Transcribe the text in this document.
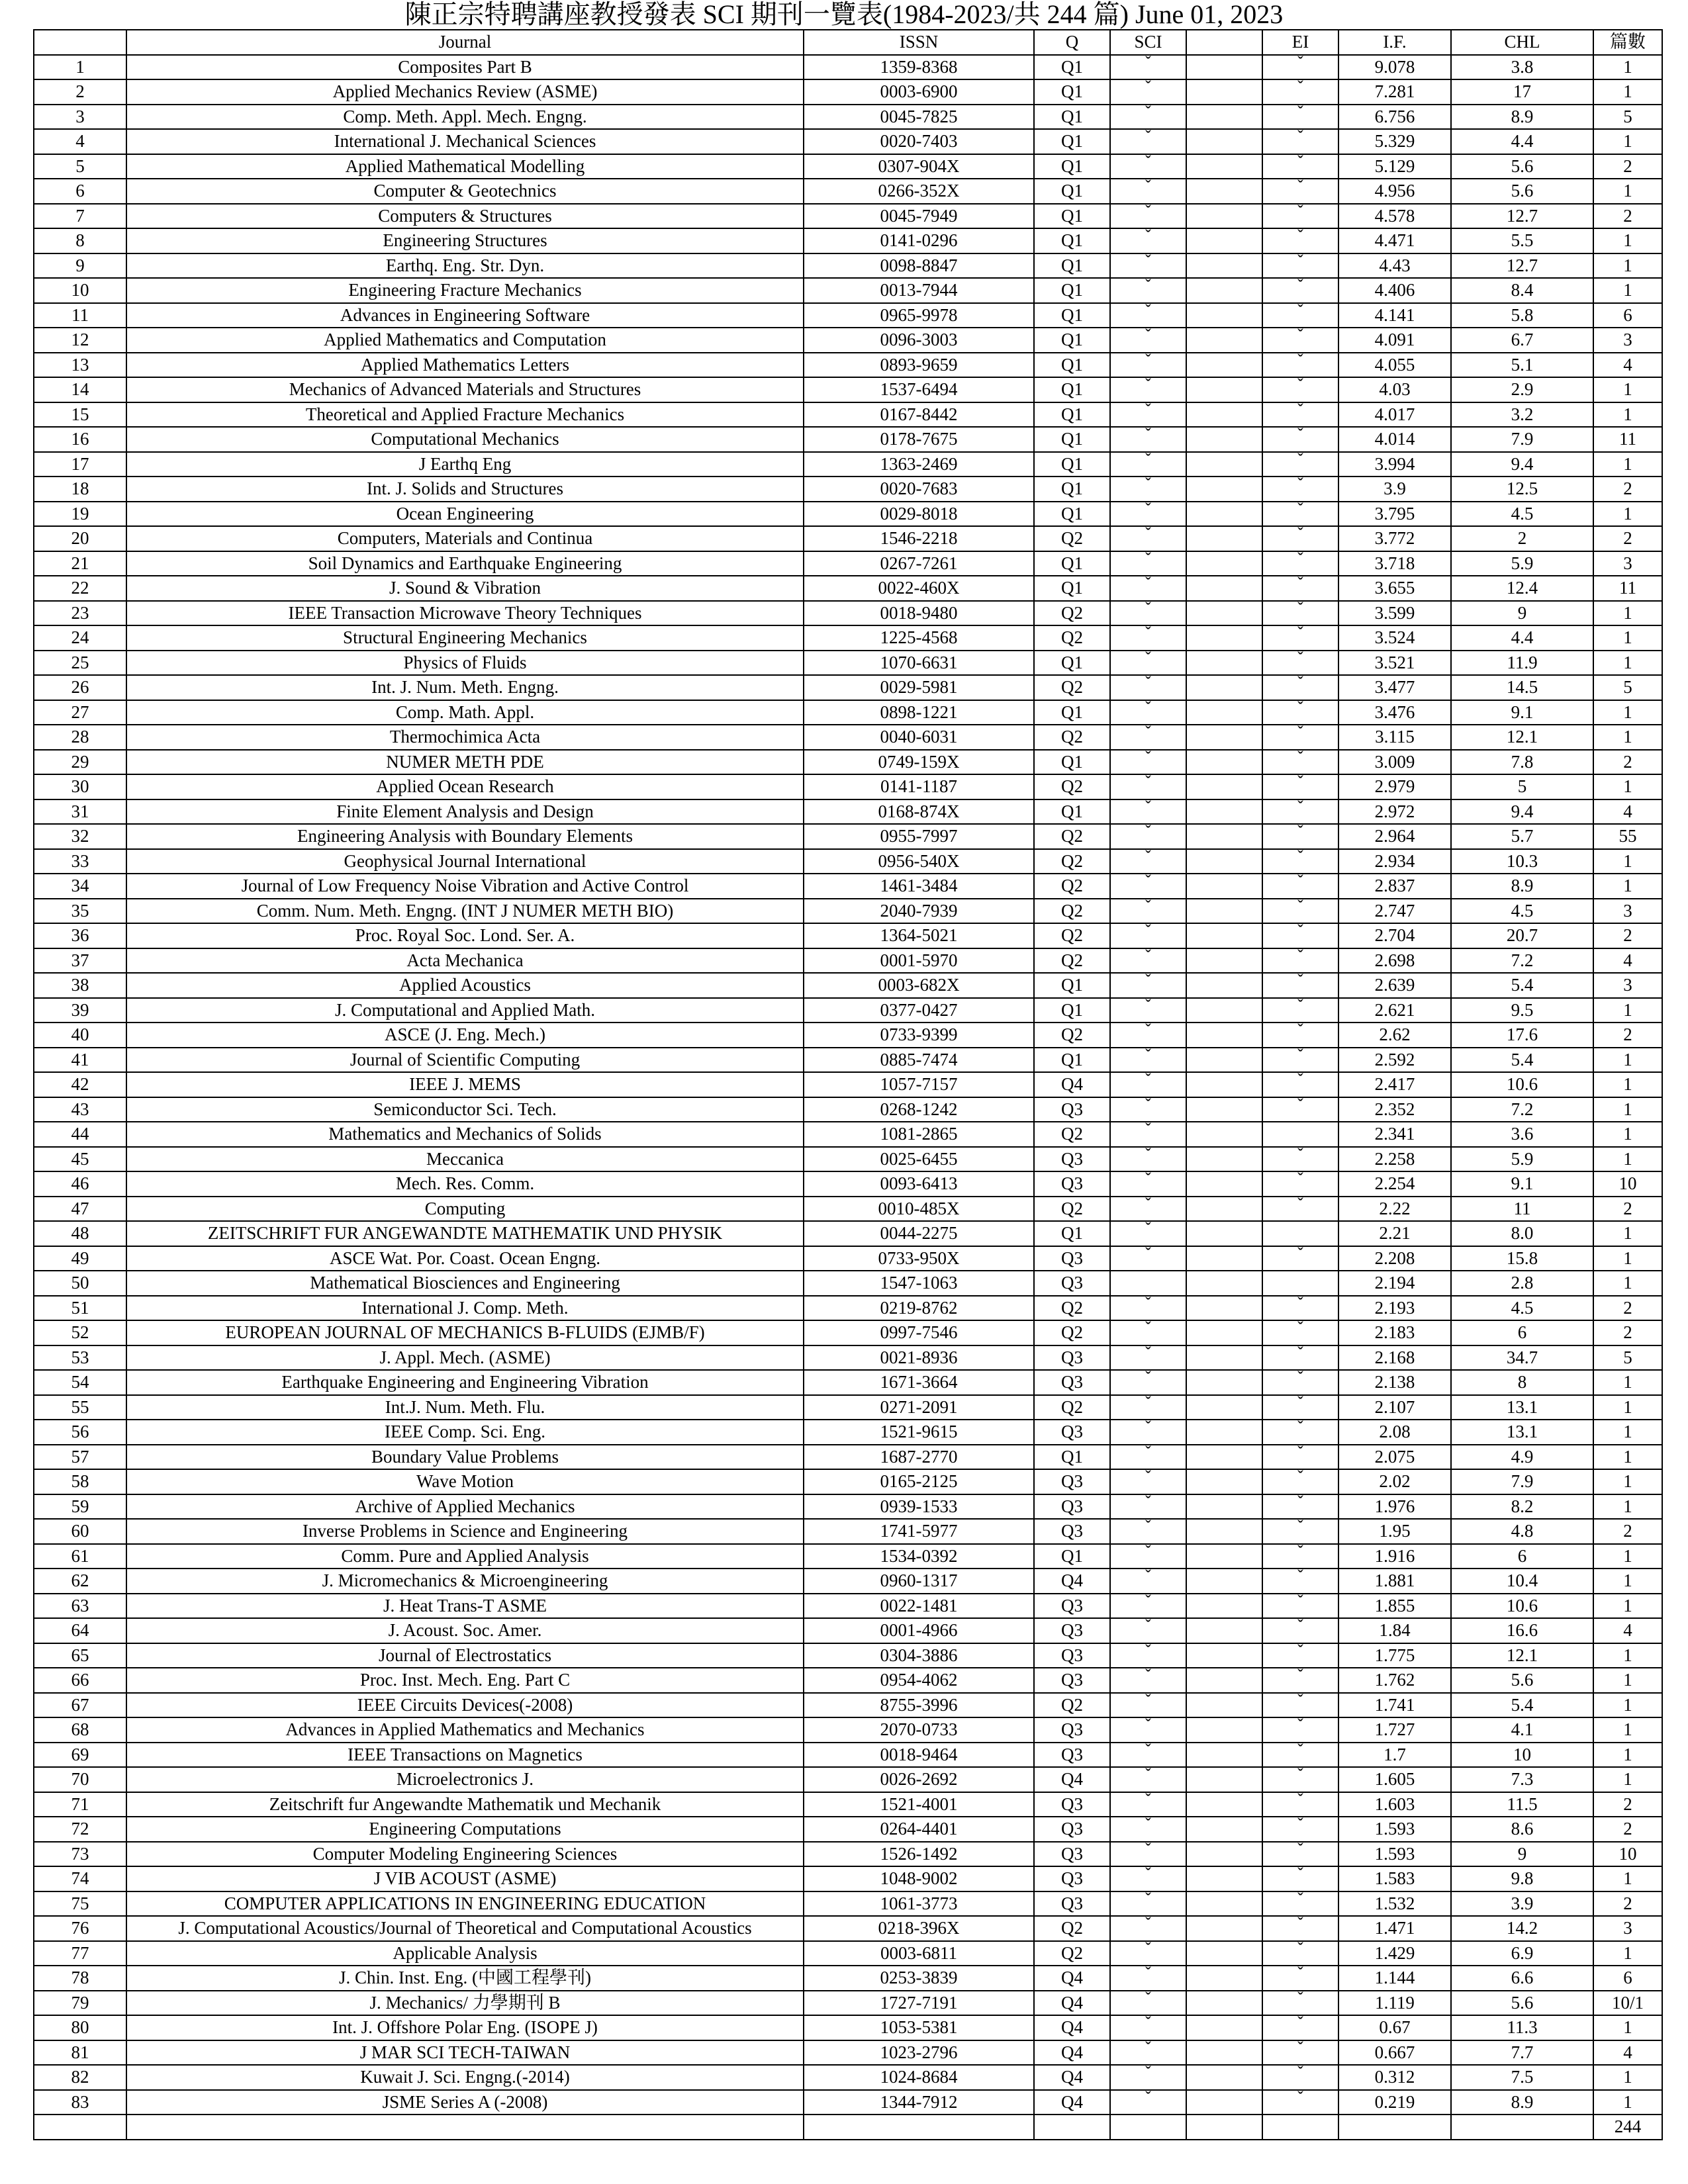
陳正宗特聘講座教授發表 SCI 期刊一覽表(1984-2023/共 244 篇) June 01, 2023
	Journal	ISSN	Q	SCI		EI	I.F.	CHL	篇數
1	Composites Part B	1359-8368	Q1	ˇ		ˇ	9.078	3.8	1
2	Applied Mechanics Review (ASME)	0003-6900	Q1	ˇ		ˇ	7.281	17	1
3	Comp. Meth. Appl. Mech. Engng.	0045-7825	Q1	ˇ		ˇ	6.756	8.9	5
4	International J. Mechanical Sciences	0020-7403	Q1	ˇ		ˇ	5.329	4.4	1
5	Applied Mathematical Modelling	0307-904X	Q1	ˇ		ˇ	5.129	5.6	2
6	Computer & Geotechnics	0266-352X	Q1	ˇ		ˇ	4.956	5.6	1
7	Computers & Structures	0045-7949	Q1	ˇ		ˇ	4.578	12.7	2
8	Engineering Structures	0141-0296	Q1	ˇ		ˇ	4.471	5.5	1
9	Earthq. Eng. Str. Dyn.	0098-8847	Q1	ˇ		ˇ	4.43	12.7	1
10	Engineering Fracture Mechanics	0013-7944	Q1	ˇ		ˇ	4.406	8.4	1
11	Advances in Engineering Software	0965-9978	Q1	ˇ		ˇ	4.141	5.8	6
12	Applied Mathematics and Computation	0096-3003	Q1	ˇ		ˇ	4.091	6.7	3
13	Applied Mathematics Letters	0893-9659	Q1	ˇ		ˇ	4.055	5.1	4
14	Mechanics of Advanced Materials and Structures	1537-6494	Q1	ˇ		ˇ	4.03	2.9	1
15	Theoretical and Applied Fracture Mechanics	0167-8442	Q1	ˇ		ˇ	4.017	3.2	1
16	Computational Mechanics	0178-7675	Q1	ˇ		ˇ	4.014	7.9	11
17	J Earthq Eng	1363-2469	Q1	ˇ		ˇ	3.994	9.4	1
18	Int. J. Solids and Structures	0020-7683	Q1	ˇ		ˇ	3.9	12.5	2
19	Ocean Engineering	0029-8018	Q1	ˇ		ˇ	3.795	4.5	1
20	Computers, Materials and Continua	1546-2218	Q2	ˇ		ˇ	3.772	2	2
21	Soil Dynamics and Earthquake Engineering	0267-7261	Q1	ˇ		ˇ	3.718	5.9	3
22	J. Sound & Vibration	0022-460X	Q1	ˇ		ˇ	3.655	12.4	11
23	IEEE Transaction Microwave Theory Techniques	0018-9480	Q2	ˇ		ˇ	3.599	9	1
24	Structural Engineering Mechanics	1225-4568	Q2	ˇ		ˇ	3.524	4.4	1
25	Physics of Fluids	1070-6631	Q1	ˇ		ˇ	3.521	11.9	1
26	Int. J. Num. Meth. Engng.	0029-5981	Q2	ˇ		ˇ	3.477	14.5	5
27	Comp. Math. Appl.	0898-1221	Q1	ˇ		ˇ	3.476	9.1	1
28	Thermochimica Acta	0040-6031	Q2	ˇ		ˇ	3.115	12.1	1
29	NUMER METH PDE	0749-159X	Q1	ˇ		ˇ	3.009	7.8	2
30	Applied Ocean Research	0141-1187	Q2	ˇ		ˇ	2.979	5	1
31	Finite Element Analysis and Design	0168-874X	Q1	ˇ		ˇ	2.972	9.4	4
32	Engineering Analysis with Boundary Elements	0955-7997	Q2	ˇ		ˇ	2.964	5.7	55
33	Geophysical Journal International	0956-540X	Q2	ˇ		ˇ	2.934	10.3	1
34	Journal of Low Frequency Noise Vibration and Active Control	1461-3484	Q2	ˇ		ˇ	2.837	8.9	1
35	Comm. Num. Meth. Engng. (INT J NUMER METH BIO)	2040-7939	Q2	ˇ		ˇ	2.747	4.5	3
36	Proc. Royal Soc. Lond. Ser. A.	1364-5021	Q2	ˇ		ˇ	2.704	20.7	2
37	Acta Mechanica	0001-5970	Q2	ˇ		ˇ	2.698	7.2	4
38	Applied Acoustics	0003-682X	Q1	ˇ		ˇ	2.639	5.4	3
39	J. Computational and Applied Math.	0377-0427	Q1	ˇ		ˇ	2.621	9.5	1
40	ASCE (J. Eng. Mech.)	0733-9399	Q2	ˇ		ˇ	2.62	17.6	2
41	Journal of Scientific Computing	0885-7474	Q1	ˇ		ˇ	2.592	5.4	1
42	IEEE J. MEMS	1057-7157	Q4	ˇ		ˇ	2.417	10.6	1
43	Semiconductor Sci. Tech.	0268-1242	Q3	ˇ		ˇ	2.352	7.2	1
44	Mathematics and Mechanics of Solids	1081-2865	Q2	ˇ			2.341	3.6	1
45	Meccanica	0025-6455	Q3	ˇ		ˇ	2.258	5.9	1
46	Mech. Res. Comm.	0093-6413	Q3	ˇ		ˇ	2.254	9.1	10
47	Computing	0010-485X	Q2	ˇ		ˇ	2.22	11	2
48	ZEITSCHRIFT FUR ANGEWANDTE MATHEMATIK UND PHYSIK	0044-2275	Q1	ˇ			2.21	8.0	1
49	ASCE Wat. Por. Coast. Ocean Engng.	0733-950X	Q3	ˇ		ˇ	2.208	15.8	1
50	Mathematical Biosciences and Engineering	1547-1063	Q3				2.194	2.8	1
51	International J. Comp. Meth.	0219-8762	Q2	ˇ		ˇ	2.193	4.5	2
52	EUROPEAN JOURNAL OF MECHANICS B-FLUIDS (EJMB/F)	0997-7546	Q2	ˇ		ˇ	2.183	6	2
53	J. Appl. Mech. (ASME)	0021-8936	Q3	ˇ		ˇ	2.168	34.7	5
54	Earthquake Engineering and Engineering Vibration	1671-3664	Q3	ˇ		ˇ	2.138	8	1
55	Int.J. Num. Meth. Flu.	0271-2091	Q2	ˇ		ˇ	2.107	13.1	1
56	IEEE Comp. Sci. Eng.	1521-9615	Q3	ˇ		ˇ	2.08	13.1	1
57	Boundary Value Problems	1687-2770	Q1	ˇ		ˇ	2.075	4.9	1
58	Wave Motion	0165-2125	Q3	ˇ		ˇ	2.02	7.9	1
59	Archive of Applied Mechanics	0939-1533	Q3	ˇ		ˇ	1.976	8.2	1
60	Inverse Problems in Science and Engineering	1741-5977	Q3	ˇ		ˇ	1.95	4.8	2
61	Comm. Pure and Applied Analysis	1534-0392	Q1	ˇ		ˇ	1.916	6	1
62	J. Micromechanics & Microengineering	0960-1317	Q4	ˇ		ˇ	1.881	10.4	1
63	J. Heat Trans-T ASME	0022-1481	Q3	ˇ		ˇ	1.855	10.6	1
64	J. Acoust. Soc. Amer.	0001-4966	Q3	ˇ		ˇ	1.84	16.6	4
65	Journal of Electrostatics	0304-3886	Q3	ˇ		ˇ	1.775	12.1	1
66	Proc. Inst. Mech. Eng. Part C	0954-4062	Q3	ˇ		ˇ	1.762	5.6	1
67	IEEE Circuits Devices(-2008)	8755-3996	Q2	ˇ		ˇ	1.741	5.4	1
68	Advances in Applied Mathematics and Mechanics	2070-0733	Q3	ˇ		ˇ	1.727	4.1	1
69	IEEE Transactions on Magnetics	0018-9464	Q3	ˇ		ˇ	1.7	10	1
70	Microelectronics J.	0026-2692	Q4	ˇ		ˇ	1.605	7.3	1
71	Zeitschrift fur Angewandte Mathematik und Mechanik	1521-4001	Q3	ˇ		ˇ	1.603	11.5	2
72	Engineering Computations	0264-4401	Q3	ˇ		ˇ	1.593	8.6	2
73	Computer Modeling Engineering Sciences	1526-1492	Q3	ˇ		ˇ	1.593	9	10
74	J VIB ACOUST (ASME)	1048-9002	Q3	ˇ		ˇ	1.583	9.8	1
75	COMPUTER APPLICATIONS IN ENGINEERING EDUCATION	1061-3773	Q3	ˇ		ˇ	1.532	3.9	2
76	J. Computational Acoustics/Journal of Theoretical and Computational Acoustics	0218-396X	Q2	ˇ		ˇ	1.471	14.2	3
77	Applicable Analysis	0003-6811	Q2	ˇ		ˇ	1.429	6.9	1
78	J. Chin. Inst. Eng. (中國工程學刊)	0253-3839	Q4	ˇ		ˇ	1.144	6.6	6
79	J. Mechanics/ 力學期刊 B	1727-7191	Q4	ˇ		ˇ	1.119	5.6	10/1
80	Int. J. Offshore Polar Eng. (ISOPE J)	1053-5381	Q4	ˇ		ˇ	0.67	11.3	1
81	J MAR SCI TECH-TAIWAN	1023-2796	Q4	ˇ		ˇ	0.667	7.7	4
82	Kuwait J. Sci. Engng.(-2014)	1024-8684	Q4	ˇ		ˇ	0.312	7.5	1
83	JSME Series A (-2008)	1344-7912	Q4	ˇ		ˇ	0.219	8.9	1
									244
